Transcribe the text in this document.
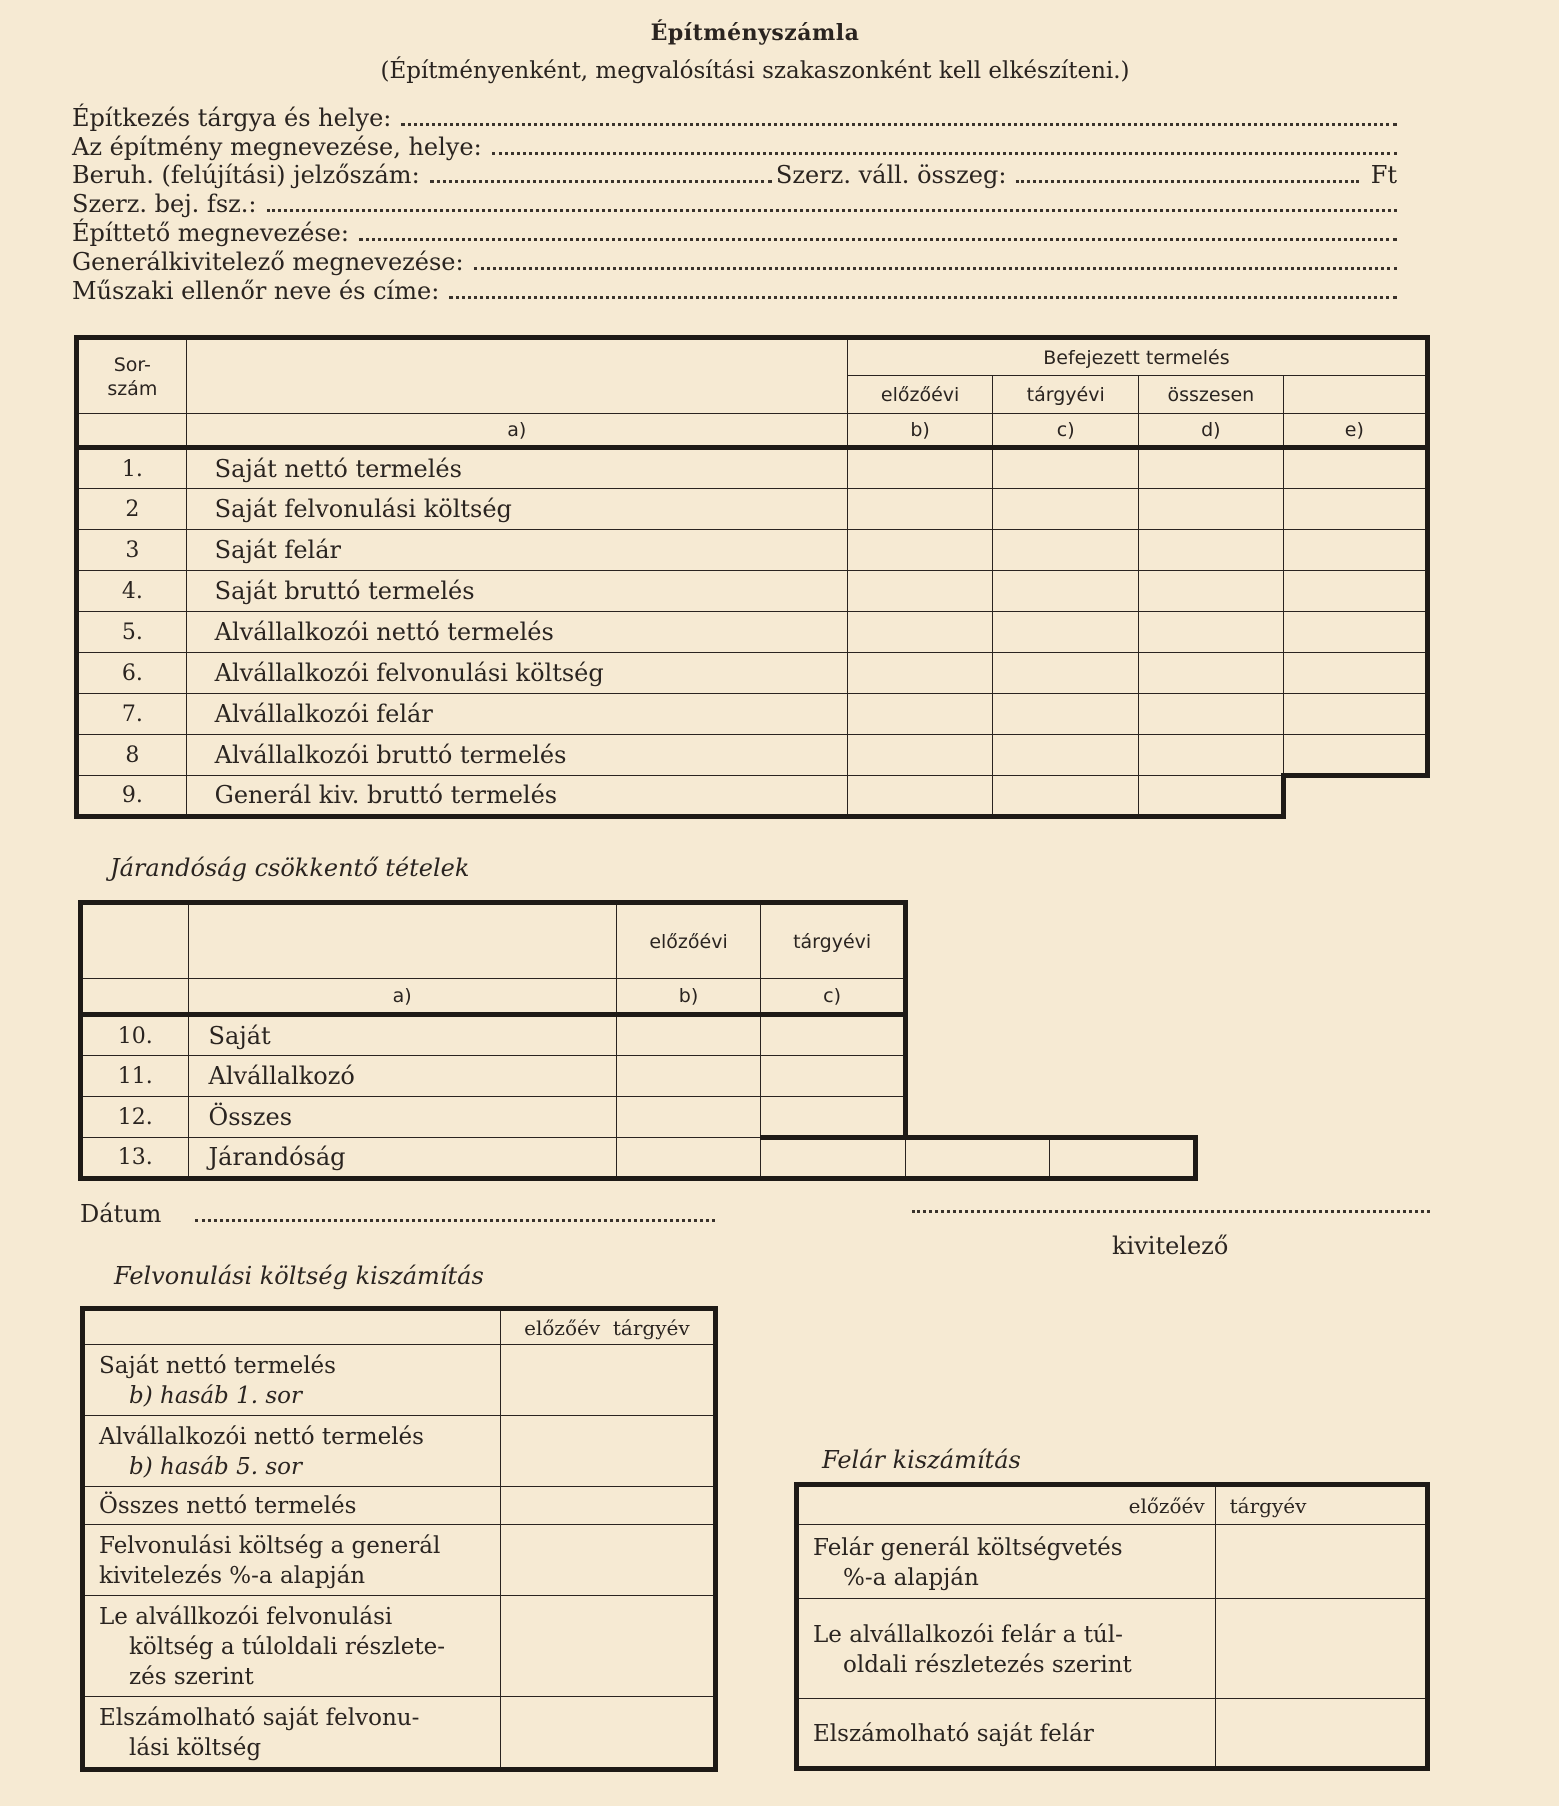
Építményszámla
(Építményenként, megvalósítási szakaszonként kell elkészíteni.)
Építkezés tárgya és helye:
Az építmény megnevezése, helye:
Beruh. (felújítási) jelzőszám:	Szerz. váll. összeg:	Ft
Szerz. bej. fsz.:
Építtető megnevezése:
Generálkivitelező megnevezése:
Műszaki ellenőr neve és címe:
Sor-
szám		Befejezett termelés			
		előzőévi	tárgyévi	összesen	
	a)	b)	c)	d)	e)
1.	Saját nettó termelés				
2	Saját felvonulási költség				
3	Saját felár				
4.	Saját bruttó termelés				
5.	Alvállalkozói nettó termelés				
6.	Alvállalkozói felvonulási költség				
7.	Alvállalkozói felár				
8	Alvállalkozói bruttó termelés				
9.	Generál kiv. bruttó termelés				
Járandóság csökkentő tételek
		előzőévi	tárgyévi		
	a)	b)	c)		
10.	Saját				
11.	Alvállalkozó				
12.	Összes				
13.	Járandóság				
Dátum
kivitelező
Felvonulási költség kiszámítás
	előzőév tárgyév

Saját nettó termelés
b) hasáb 1. sor	

Alvállalkozói nettó termelés
b) hasáb 5. sor	

Összes nettó termelés	

Felvonulási költség a generál
kivitelezés %-a alapján	

Le alvállkozói felvonulási
költség a túloldali részlete-
zés szerint	

Elszámolható saját felvonu-
lási költség	

Felár kiszámítás
előzőév	tárgyév

Felár generál költségvetés
%-a alapján	

Le alvállalkozói felár a túl-
oldali részletezés szerint	

Elszámolható saját felár	
